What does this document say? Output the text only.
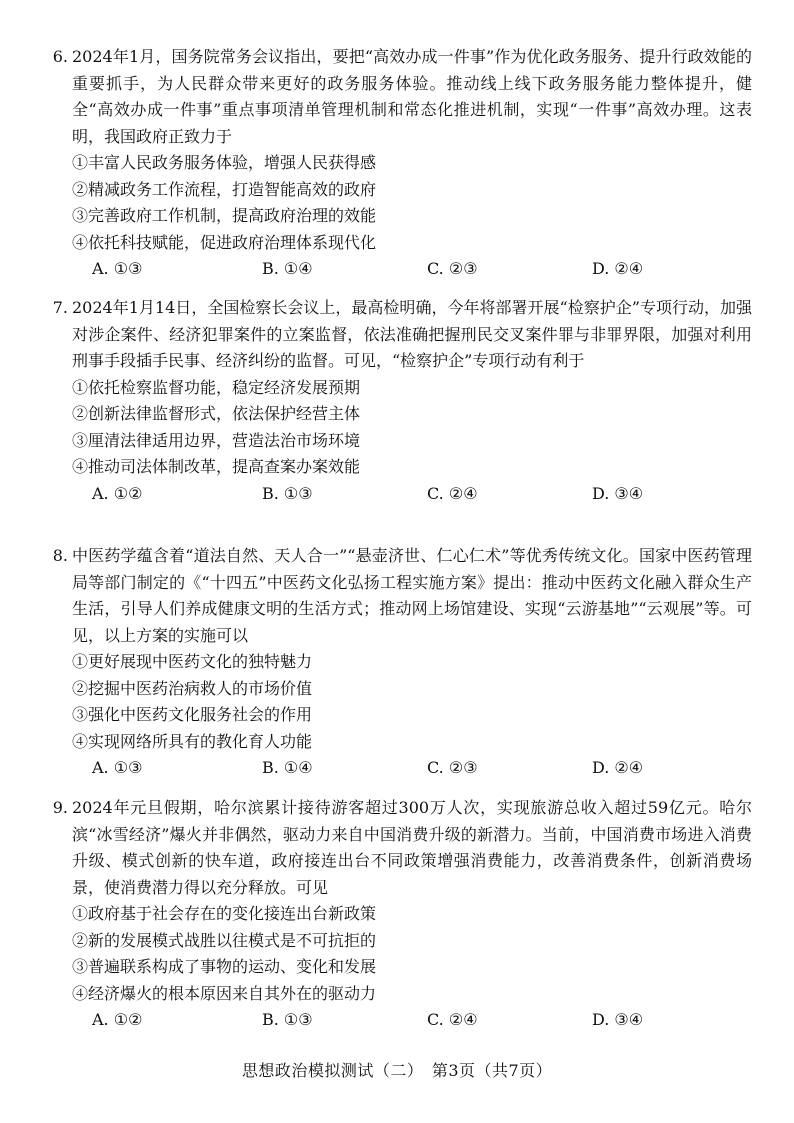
6. 2024年1月，国务院常务会议指出，要把“高效办成一件事”作为优化政务服务、提升行政效能的重要抓手，为人民群众带来更好的政务服务体验。推动线上线下政务服务能力整体提升，健全“高效办成一件事”重点事项清单管理机制和常态化推进机制，实现“一件事”高效办理。这表明，我国政府正致力于

①丰富人民政务服务体验，增强人民获得感

②精减政务工作流程，打造智能高效的政府

③完善政府工作机制，提高政府治理的效能

④依托科技赋能，促进政府治理体系现代化

A. ①③	B. ①④	C. ②③	D. ②④
7. 2024年1月14日，全国检察长会议上，最高检明确，今年将部署开展“检察护企”专项行动，加强对涉企案件、经济犯罪案件的立案监督，依法准确把握刑民交叉案件罪与非罪界限，加强对利用刑事手段插手民事、经济纠纷的监督。可见，“检察护企”专项行动有利于

①依托检察监督功能，稳定经济发展预期

②创新法律监督形式，依法保护经营主体

③厘清法律适用边界，营造法治市场环境

④推动司法体制改革，提高查案办案效能

A. ①②	B. ①③	C. ②④	D. ③④
8. 中医药学蕴含着“道法自然、天人合一”“悬壶济世、仁心仁术”等优秀传统文化。国家中医药管理局等部门制定的《“十四五”中医药文化弘扬工程实施方案》提出：推动中医药文化融入群众生产生活，引导人们养成健康文明的生活方式；推动网上场馆建设、实现“云游基地”“云观展”等。可见，以上方案的实施可以

①更好展现中医药文化的独特魅力

②挖掘中医药治病救人的市场价值

③强化中医药文化服务社会的作用

④实现网络所具有的教化育人功能

A. ①③	B. ①④	C. ②③	D. ②④
9. 2024年元旦假期，哈尔滨累计接待游客超过300万人次，实现旅游总收入超过59亿元。哈尔滨“冰雪经济”爆火并非偶然，驱动力来自中国消费升级的新潜力。当前，中国消费市场进入消费升级、模式创新的快车道，政府接连出台不同政策增强消费能力，改善消费条件，创新消费场景，使消费潜力得以充分释放。可见

①政府基于社会存在的变化接连出台新政策

②新的发展模式战胜以往模式是不可抗拒的

③普遍联系构成了事物的运动、变化和发展

④经济爆火的根本原因来自其外在的驱动力

A. ①②	B. ①③	C. ②④	D. ③④
思想政治模拟测试（二）　第3页（共7页）
